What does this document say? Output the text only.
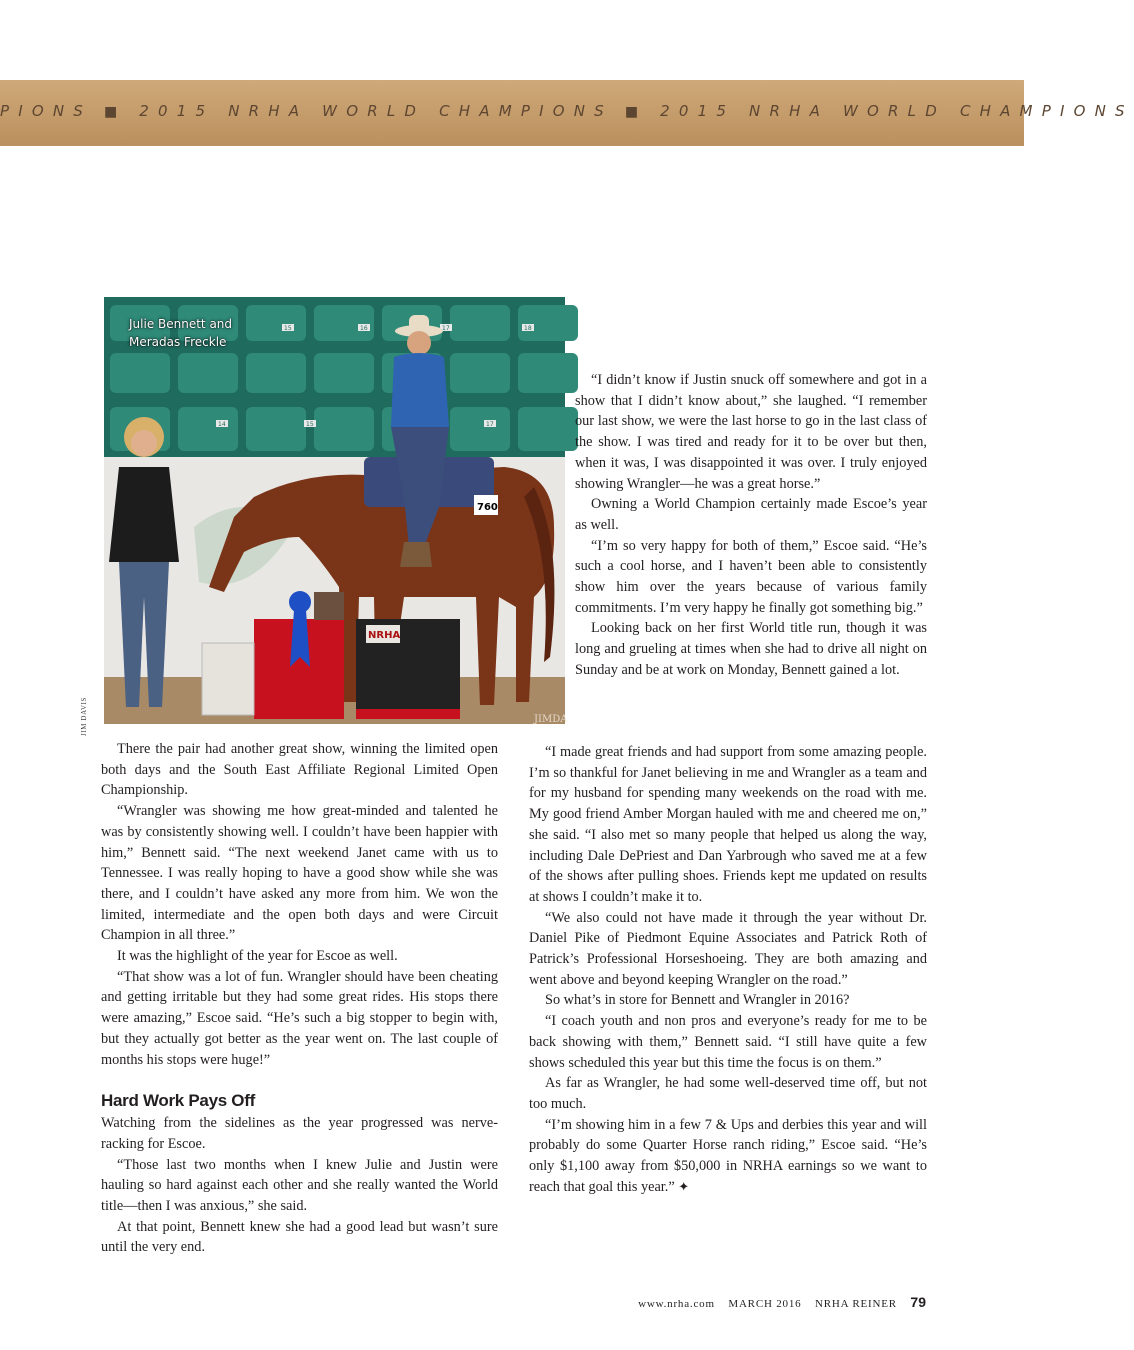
PIONS ■ 2015 NRHA WORLD CHAMPIONS ■ 2015 NRHA WORLD CHAMPIONS
15	16	17	18
14	15	17
760
NRHA
JIMDA
Julie Bennett and
Meradas Freckle
JIM DAVIS

“I didn’t know if Justin snuck off somewhere and got in a show that I didn’t know about,” she laughed. “I remember our last show, we were the last horse to go in the last class of the show. I was tired and ready for it to be over but then, when it was, I was disappointed it was over. I truly enjoyed showing Wrangler—he was a great horse.”

Owning a World Champion certainly made Escoe’s year as well.

“I’m so very happy for both of them,” Escoe said. “He’s such a cool horse, and I haven’t been able to consistently show him over the years because of various family commitments. I’m very happy he finally got something big.”

Looking back on her first World title run, though it was long and grueling at times when she had to drive all night on Sunday and be at work on Monday, Bennett gained a lot.

“I made great friends and had support from some amazing people. I’m so thankful for Janet believing in me and Wrangler as a team and for my husband for spending many weekends on the road with me. My good friend Amber Morgan hauled with me and cheered me on,” she said. “I also met so many people that helped us along the way, including Dale DePriest and Dan Yarbrough who saved me at a few of the shows after pulling shoes. Friends kept me updated on results at shows I couldn’t make it to.

“We also could not have made it through the year without Dr. Daniel Pike of Piedmont Equine Associates and Patrick Roth of Patrick’s Professional Horseshoeing. They are both amazing and went above and beyond keeping Wrangler on the road.”

So what’s in store for Bennett and Wrangler in 2016?

“I coach youth and non pros and everyone’s ready for me to be back showing with them,” Bennett said. “I still have quite a few shows scheduled this year but this time the focus is on them.”

As far as Wrangler, he had some well-deserved time off, but not too much.

“I’m showing him in a few 7 & Ups and derbies this year and will probably do some Quarter Horse ranch riding,” Escoe said. “He’s only $1,100 away from $50,000 in NRHA earnings so we want to reach that goal this year.” ✦

There the pair had another great show, winning the limited open both days and the South East Affiliate Regional Limited Open Championship.

“Wrangler was showing me how great-minded and talented he was by consistently showing well. I couldn’t have been happier with him,” Bennett said. “The next weekend Janet came with us to Tennessee. I was really hoping to have a good show while she was there, and I couldn’t have asked any more from him. We won the limited, intermediate and the open both days and were Circuit Champion in all three.”

It was the highlight of the year for Escoe as well.

“That show was a lot of fun. Wrangler should have been cheating and getting irritable but they had some great rides. His stops there were amazing,” Escoe said. “He’s such a big stopper to begin with, but they actually got better as the year went on. The last couple of months his stops were huge!”

Hard Work Pays Off

Watching from the sidelines as the year progressed was nerve-racking for Escoe.

“Those last two months when I knew Julie and Justin were hauling so hard against each other and she really wanted the World title—then I was anxious,” she said.

At that point, Bennett knew she had a good lead but wasn’t sure until the very end.

www.nrha.com MARCH 2016 NRHA REINER 79
